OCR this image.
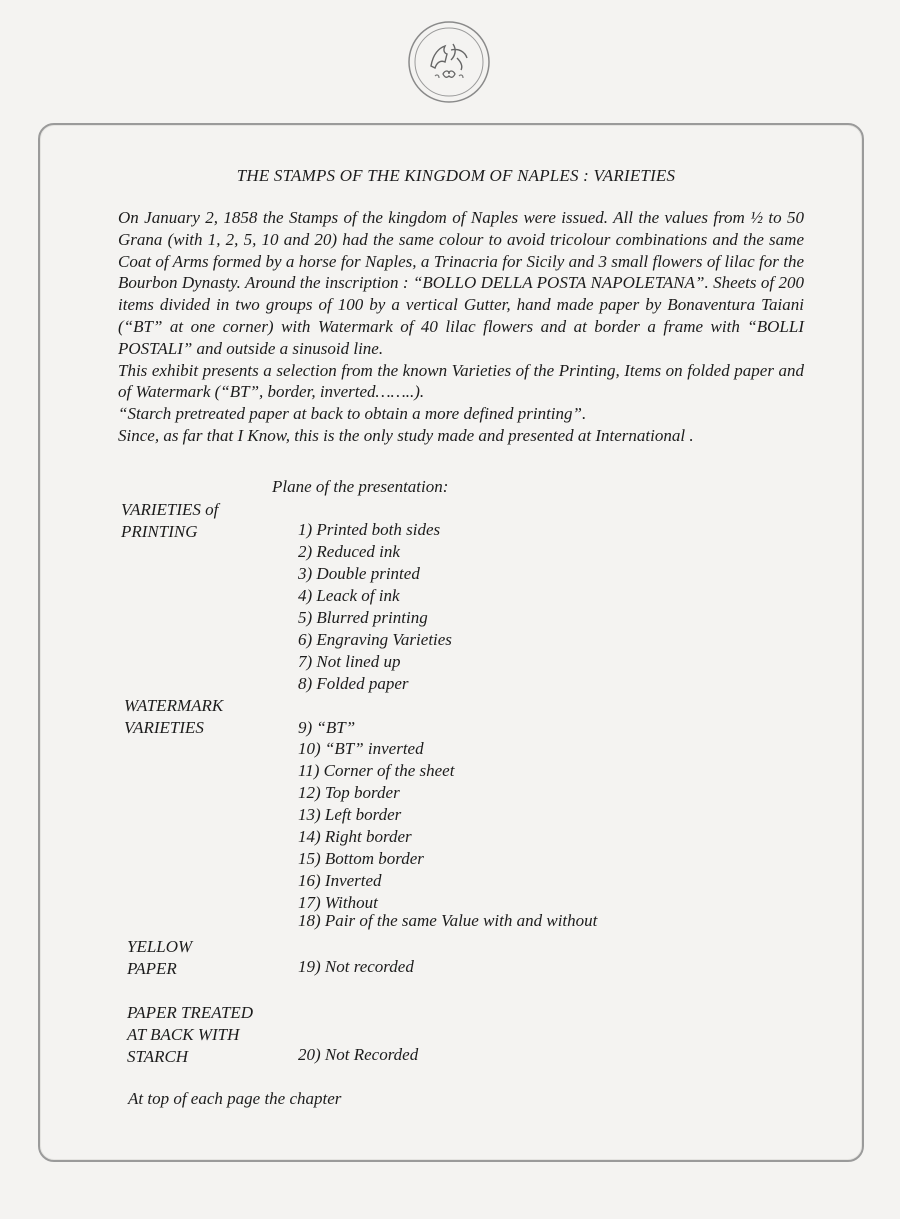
THE STAMPS OF THE KINGDOM OF NAPLES : VARIETIES

On January 2, 1858 the Stamps of the kingdom of Naples were issued. All the values from ½ to 50 Grana (with 1, 2, 5, 10 and 20) had the same colour to avoid tricolour combinations and the same Coat of Arms formed by a horse for Naples, a Trinacria for Sicily and 3 small flowers of lilac for the Bourbon Dynasty. Around the inscription : “BOLLO DELLA POSTA NAPOLETANA”. Sheets of 200 items divided in two groups of 100 by a vertical Gutter, hand made paper by Bonaventura Taiani (“BT” at one corner) with Watermark of 40 lilac flowers and at border a frame with “BOLLI POSTALI” and outside a sinusoid line.

This exhibit presents a selection from the known Varieties of the Printing, Items on folded paper and of Watermark (“BT”, border, inverted……..).

“Starch pretreated paper at back to obtain a more defined printing”.

Since, as far that I Know, this is the only study made and presented at International .

Plane of the presentation:
VARIETIES of
PRINTING	1) Printed both sides
2) Reduced ink
3) Double printed
4) Leack of ink
5) Blurred printing
6) Engraving Varieties
7) Not lined up
8) Folded paper
WATERMARK
VARIETIES	9) “BT”
10) “BT” inverted
11) Corner of the sheet
12) Top border
13) Left border
14) Right border
15) Bottom border
16) Inverted
17) Without
18) Pair of the same Value with and without
YELLOW
PAPER	19) Not recorded
PAPER TREATED
AT BACK WITH
STARCH	20) Not Recorded
At top of each page the chapter
